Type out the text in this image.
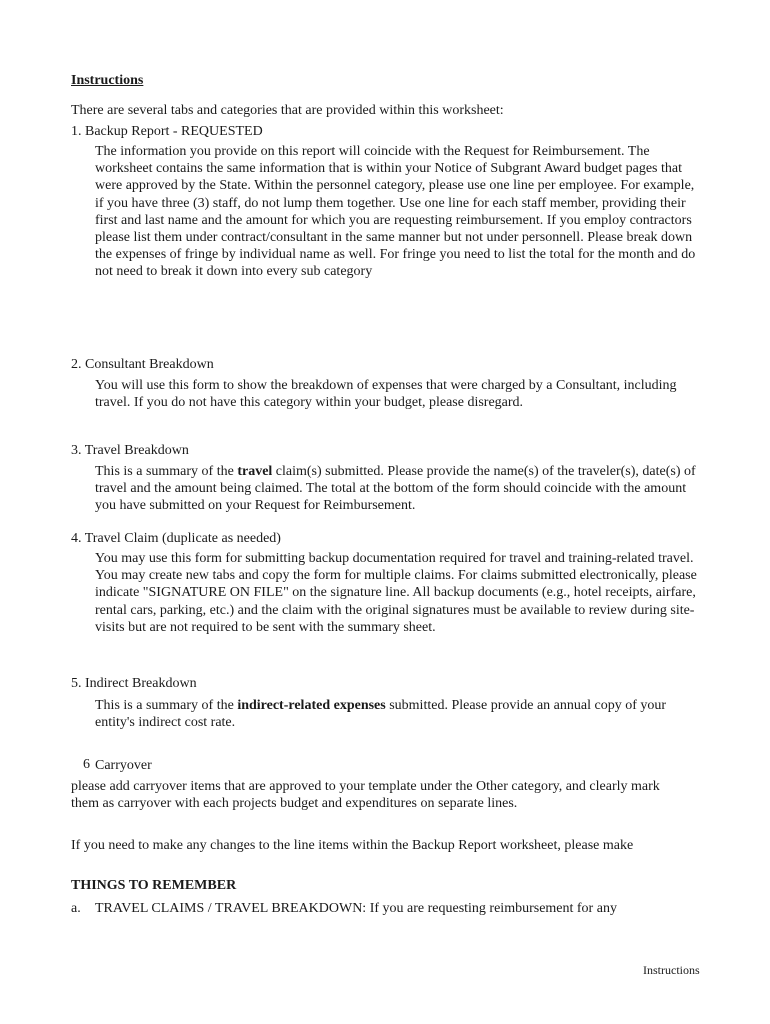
Instructions
There are several tabs and categories that are provided within this worksheet:
1. Backup Report - REQUESTED
The information you provide on this report will coincide with the Request for Reimbursement. The worksheet contains the same information that is within your Notice of Subgrant Award budget pages that were approved by the State. Within the personnel category, please use one line per employee. For example, if you have three (3) staff, do not lump them together. Use one line for each staff member, providing their first and last name and the amount for which you are requesting reimbursement. If you employ contractors please list them under contract/consultant in the same manner but not under personnell. Please break down the expenses of fringe by individual name as well. For fringe you need to list the total for the month and do not need to break it down into every sub category
2. Consultant Breakdown
You will use this form to show the breakdown of expenses that were charged by a Consultant, including travel. If you do not have this category within your budget, please disregard.
3. Travel Breakdown
This is a summary of the travel claim(s) submitted. Please provide the name(s) of the traveler(s), date(s) of travel and the amount being claimed. The total at the bottom of the form should coincide with the amount you have submitted on your Request for Reimbursement.
4. Travel Claim (duplicate as needed)
You may use this form for submitting backup documentation required for travel and training-related travel. You may create new tabs and copy the form for multiple claims. For claims submitted electronically, please indicate "SIGNATURE ON FILE" on the signature line. All backup documents (e.g., hotel receipts, airfare, rental cars, parking, etc.) and the claim with the original signatures must be available to review during site-visits but are not required to be sent with the summary sheet.
5. Indirect Breakdown
This is a summary of the indirect-related expenses submitted. Please provide an annual copy of your entity's indirect cost rate.
6 Carryover
please add carryover items that are approved to your template under the Other category, and clearly mark them as carryover with each projects budget and expenditures on separate lines.
If you need to make any changes to the line items within the Backup Report worksheet, please make
THINGS TO REMEMBER
a. TRAVEL CLAIMS / TRAVEL BREAKDOWN: If you are requesting reimbursement for any
Instructions
